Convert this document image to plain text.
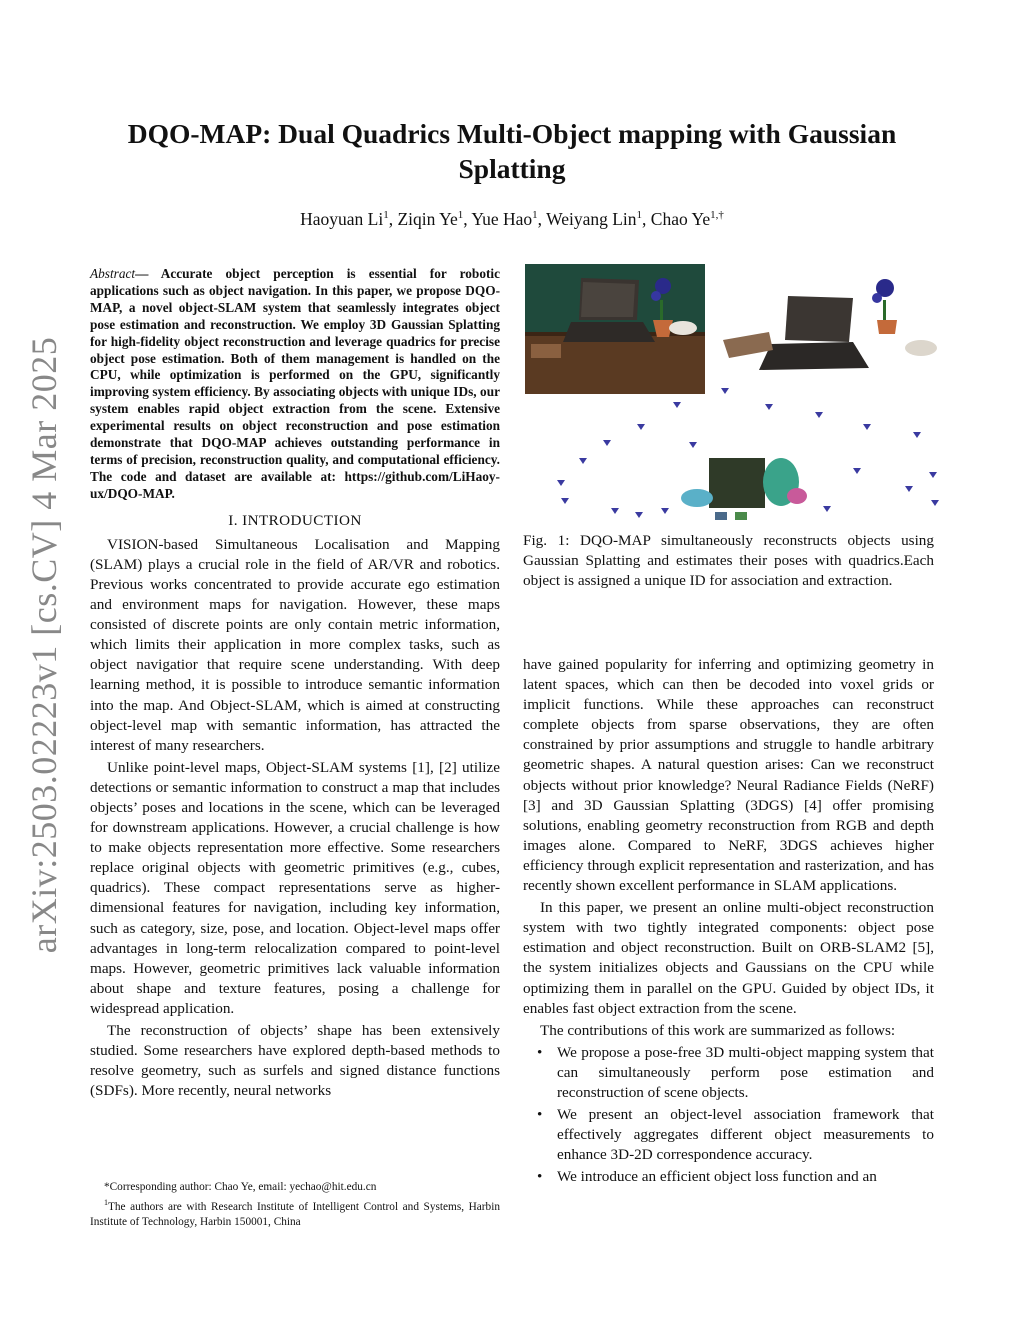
arXiv:2503.02223v1 [cs.CV] 4 Mar 2025
DQO-MAP: Dual Quadrics Multi-Object mapping with Gaussian Splatting
Haoyuan Li$^1$, Ziqin Ye$^1$, Yue Hao$^1$, Weiyang Lin$^1$, Chao $Ye^{1,\dagger}$

Abstract— Accurate object perception is essential for robotic applications such as object navigation. In this paper, we propose DQO-MAP, a novel object-SLAM system that seamlessly integrates object pose estimation and reconstruction. We employ 3D Gaussian Splatting for high-fidelity object reconstruction and leverage quadrics for precise object pose estimation. Both of them management is handled on the CPU, while optimization is performed on the GPU, significantly improving system efficiency. By associating objects with unique IDs, our system enables rapid object extraction from the scene. Extensive experimental results on object reconstruction and pose estimation demonstrate that DQO-MAP achieves outstanding performance in terms of precision, reconstruction quality, and computational efficiency. The code and dataset are available at: https://github.com/LiHaoy-ux/DQO-MAP.

I. INTRODUCTION

VISION-based Simultaneous Localisation and Mapping (SLAM) plays a crucial role in the field of AR/VR and robotics. Previous works concentrated to provide accurate ego estimation and environment maps for navigation. However, these maps consisted of discrete points are only contain metric information, which limits their application in more complex tasks, such as object navigatior that require scene understanding. With deep learning method, it is possible to introduce semantic information into the map. And Object-SLAM, which is aimed at constructing object-level map with semantic information, has attracted the interest of many researchers.

Unlike point-level maps, Object-SLAM systems [1], [2] utilize detections or semantic information to construct a map that includes objects’ poses and locations in the scene, which can be leveraged for downstream applications. However, a crucial challenge is how to make objects representation more effective. Some researchers replace original objects with geometric primitives (e.g., cubes, quadrics). These compact representations serve as higher-dimensional features for navigation, including key information, such as category, size, pose, and location. Object-level maps offer advantages in long-term relocalization compared to point-level maps. However, geometric primitives lack valuable information about shape and texture features, posing a challenge for widespread application.

The reconstruction of objects’ shape has been extensively studied. Some researchers have explored depth-based methods to resolve geometry, such as surfels and signed distance functions (SDFs). More recently, neural networks

*Corresponding author: Chao Ye, email: yechao@hit.edu.cn

$^1$The authors are with Research Institute of Intelligent Control and Systems, Harbin Institute of Technology, Harbin 150001, China

Fig. 1: DQO-MAP simultaneously reconstructs objects using Gaussian Splatting and estimates their poses with quadrics.Each object is assigned a unique ID for association and extraction.

have gained popularity for inferring and optimizing geometry in latent spaces, which can then be decoded into voxel grids or implicit functions. While these approaches can reconstruct complete objects from sparse observations, they are often constrained by prior assumptions and struggle to handle arbitrary geometric shapes. A natural question arises: Can we reconstruct objects without prior knowledge? Neural Radiance Fields (NeRF) [3] and 3D Gaussian Splatting (3DGS) [4] offer promising solutions, enabling geometry reconstruction from RGB and depth images alone. Compared to NeRF, 3DGS achieves higher efficiency through explicit representation and rasterization, and has recently shown excellent performance in SLAM applications.

In this paper, we present an online multi-object reconstruction system with two tightly integrated components: object pose estimation and object reconstruction. Built on ORB-SLAM2 [5], the system initializes objects and Gaussians on the CPU while optimizing them in parallel on the GPU. Guided by object IDs, it enables fast object extraction from the scene.

The contributions of this work are summarized as follows:

• We propose a pose-free 3D multi-object mapping system that can simultaneously perform pose estimation and reconstruction of scene objects.
• We present an object-level association framework that effectively aggregates different object measurements to enhance 3D-2D correspondence accuracy.
• We introduce an efficient object loss function and an
